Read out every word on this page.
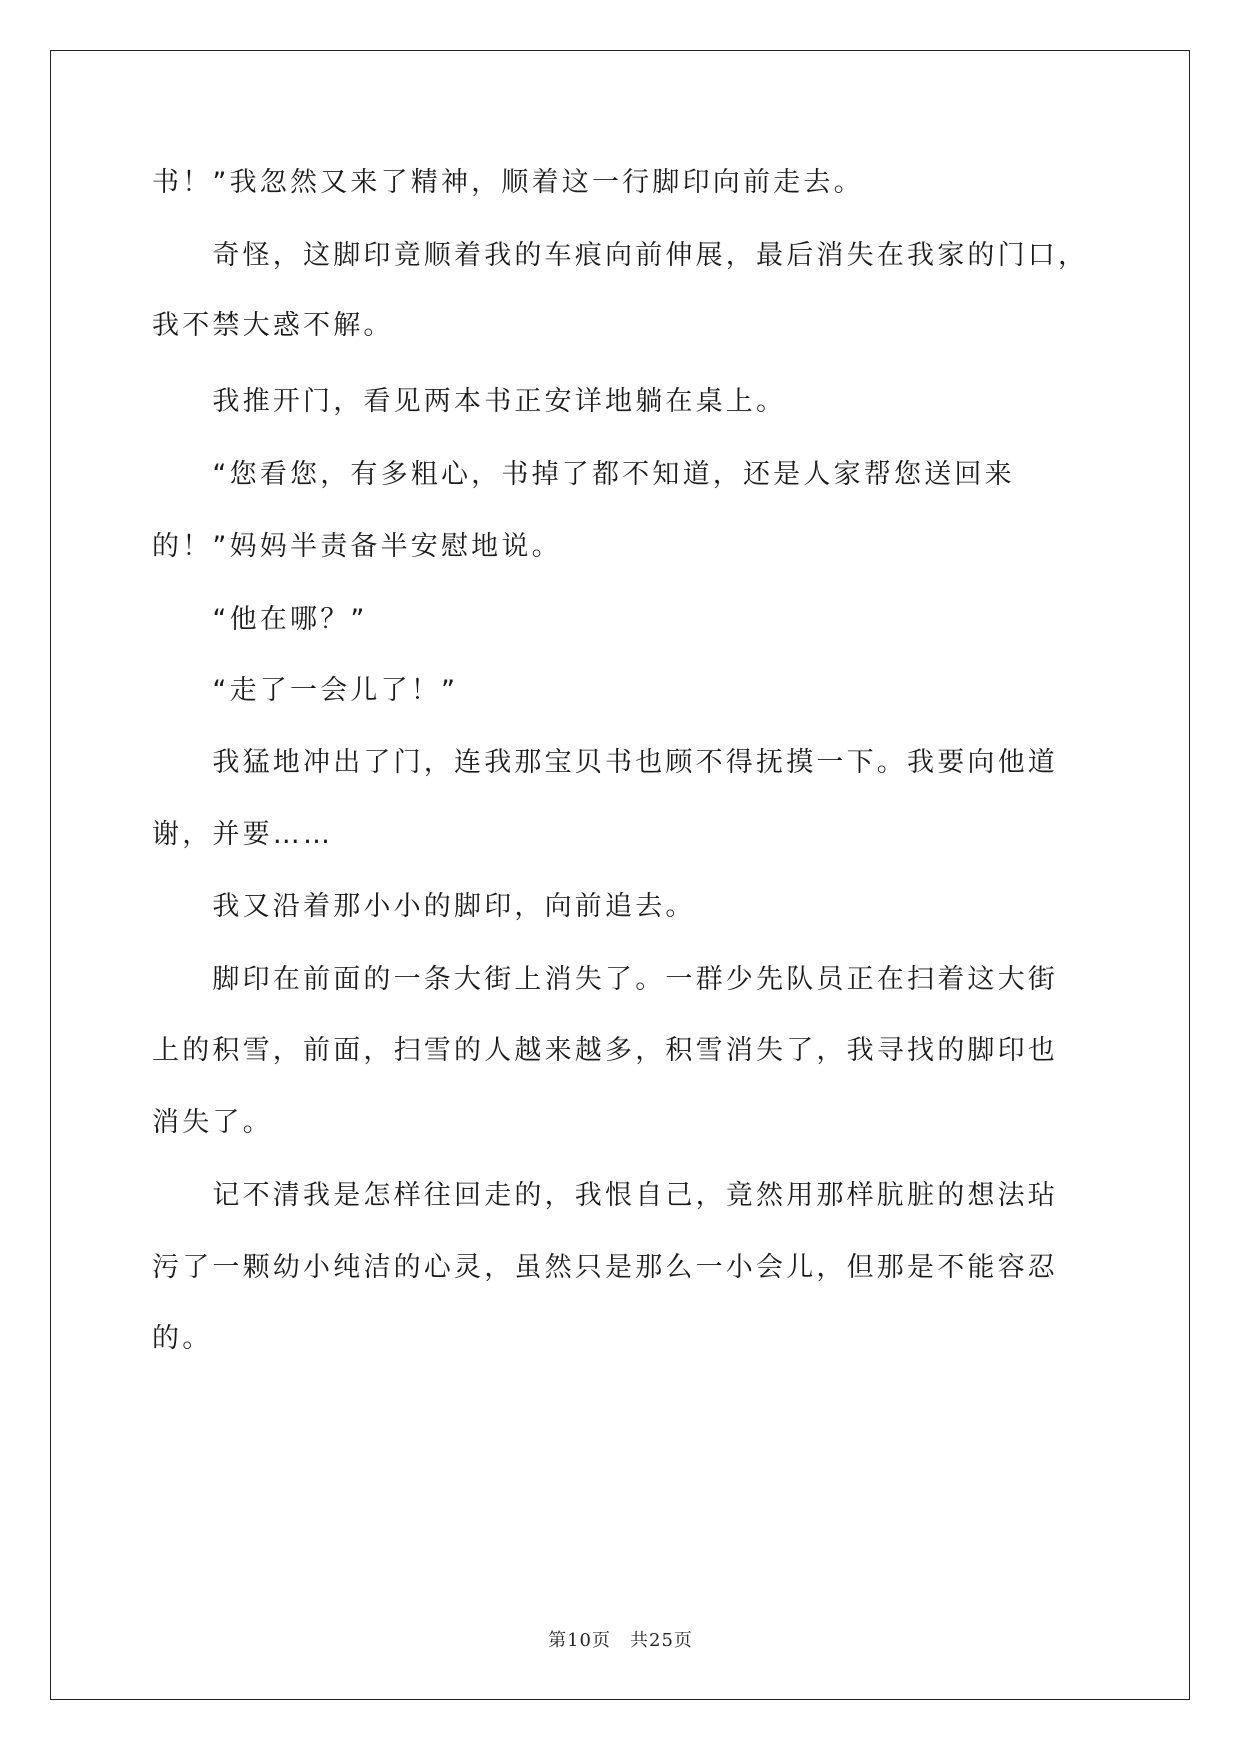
书！”我忽然又来了精神，顺着这一行脚印向前走去。

　　奇怪，这脚印竟顺着我的车痕向前伸展，最后消失在我家的门口，

我不禁大惑不解。

　　我推开门，看见两本书正安详地躺在桌上。

　　“您看您，有多粗心，书掉了都不知道，还是人家帮您送回来

的！”妈妈半责备半安慰地说。

　　“他在哪？”

　　“走了一会儿了！”

　　我猛地冲出了门，连我那宝贝书也顾不得抚摸一下。我要向他道

谢，并要……

　　我又沿着那小小的脚印，向前追去。

　　脚印在前面的一条大街上消失了。一群少先队员正在扫着这大街

上的积雪，前面，扫雪的人越来越多，积雪消失了，我寻找的脚印也

消失了。

　　记不清我是怎样往回走的，我恨自己，竟然用那样肮脏的想法玷

污了一颗幼小纯洁的心灵，虽然只是那么一小会儿，但那是不能容忍

的。

第10页　共25页
